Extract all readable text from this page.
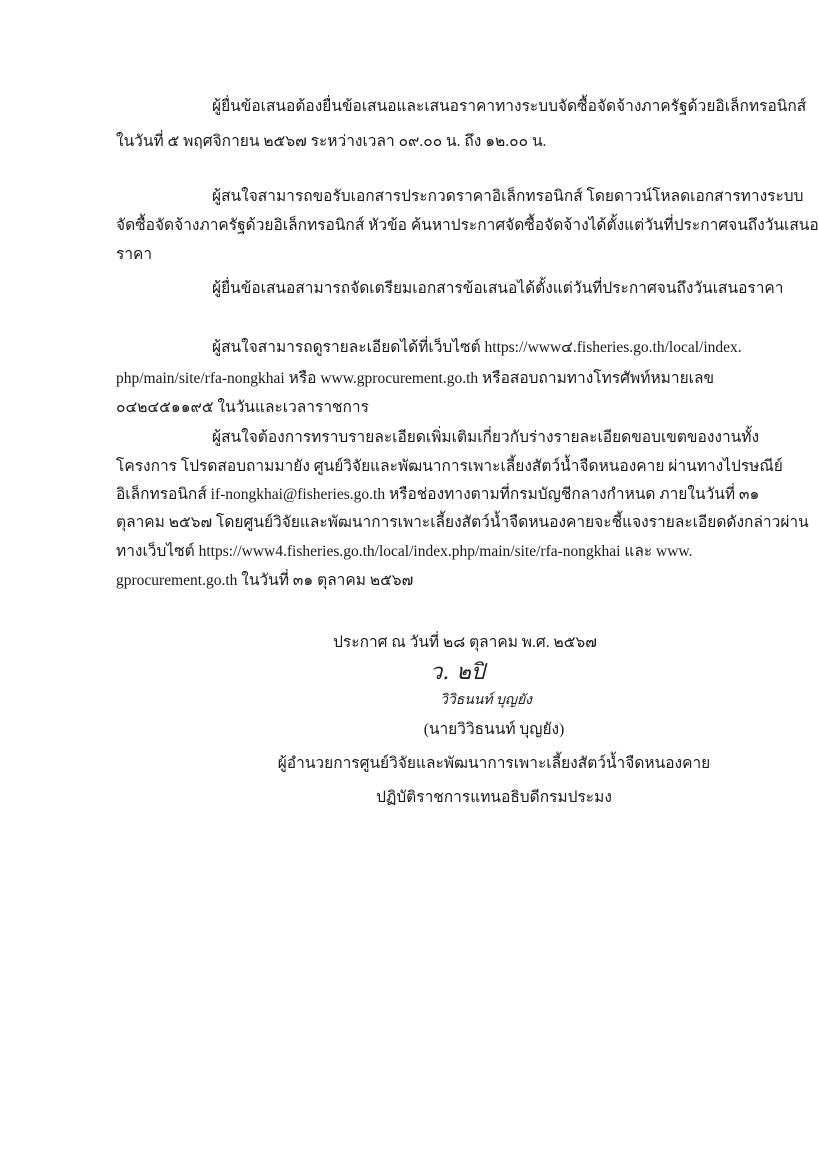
ผู้ยื่นข้อเสนอต้องยื่นข้อเสนอและเสนอราคาทางระบบจัดซื้อจัดจ้างภาครัฐด้วยอิเล็กทรอนิกส์
ในวันที่ ๕ พฤศจิกายน ๒๕๖๗ ระหว่างเวลา ๐๙.๐๐ น. ถึง ๑๒.๐๐ น.
ผู้สนใจสามารถขอรับเอกสารประกวดราคาอิเล็กทรอนิกส์ โดยดาวน์โหลดเอกสารทางระบบ
จัดซื้อจัดจ้างภาครัฐด้วยอิเล็กทรอนิกส์ หัวข้อ ค้นหาประกาศจัดซื้อจัดจ้างได้ตั้งแต่วันที่ประกาศจนถึงวันเสนอ
ราคา
ผู้ยื่นข้อเสนอสามารถจัดเตรียมเอกสารข้อเสนอได้ตั้งแต่วันที่ประกาศจนถึงวันเสนอราคา
ผู้สนใจสามารถดูรายละเอียดได้ที่เว็บไซต์ https://www๔.fisheries.go.th/local/index.
php/main/site/rfa-nongkhai หรือ www.gprocurement.go.th หรือสอบถามทางโทรศัพท์หมายเลข
๐๔๒๔๕๑๑๙๕ ในวันและเวลาราชการ
ผู้สนใจต้องการทราบรายละเอียดเพิ่มเติมเกี่ยวกับร่างรายละเอียดขอบเขตของงานทั้ง
โครงการ โปรดสอบถามมายัง ศูนย์วิจัยและพัฒนาการเพาะเลี้ยงสัตว์น้ำจืดหนองคาย ผ่านทางไปรษณีย์
อิเล็กทรอนิกส์ if-nongkhai@fisheries.go.th หรือช่องทางตามที่กรมบัญชีกลางกำหนด ภายในวันที่ ๓๑
ตุลาคม ๒๕๖๗ โดยศูนย์วิจัยและพัฒนาการเพาะเลี้ยงสัตว์น้ำจืดหนองคายจะชี้แจงรายละเอียดดังกล่าวผ่าน
ทางเว็บไซต์ https://www4.fisheries.go.th/local/index.php/main/site/rfa-nongkhai และ www.
gprocurement.go.th ในวันที่ ๓๑ ตุลาคม ๒๕๖๗
ประกาศ ณ วันที่ ๒๘ ตุลาคม พ.ศ. ๒๕๖๗
ว. ๒ปิ
วิวิธนนท์ บุญยัง
(นายวิวิธนนท์ บุญยัง)
ผู้อำนวยการศูนย์วิจัยและพัฒนาการเพาะเลี้ยงสัตว์น้ำจืดหนองคาย
ปฏิบัติราชการแทนอธิบดีกรมประมง
